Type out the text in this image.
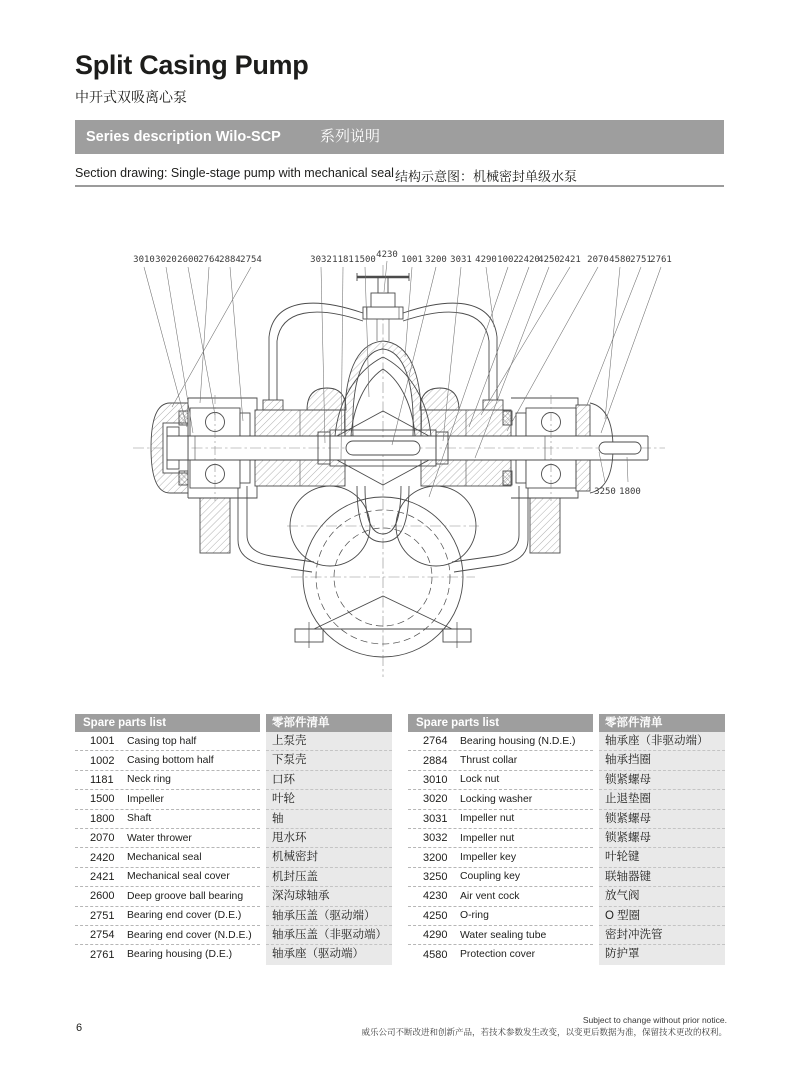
Split Casing Pump
中开式双吸离心泵
Series description Wilo-SCP	系列说明
Section drawing: Single-stage pump with mechanical seal 结构示意图：机械密封单级水泵
3010 3020 2600 2764 2884 2754	3032 1181 1500 4230 1001 3200 3031 4290 1002 2420
4250 2421 2070 4580 2751
2761
3250 1800
Spare parts list	零部件清单
1001	Casing top half	上泵壳
1002	Casing bottom half	下泵壳
1181	Neck ring	口环
1500	Impeller	叶轮
1800	Shaft	轴
2070	Water thrower	甩水环
2420	Mechanical seal	机械密封
2421	Mechanical seal cover	机封压盖
2600	Deep groove ball bearing	深沟球轴承
2751	Bearing end cover (D.E.)	轴承压盖（驱动端）
2754	Bearing end cover (N.D.E.)	轴承压盖（非驱动端）
2761	Bearing housing (D.E.)	轴承座（驱动端）
Spare parts list	零部件清单
2764	Bearing housing (N.D.E.)	轴承座（非驱动端）
2884	Thrust collar	轴承挡圈
3010	Lock nut	锁紧螺母
3020	Locking washer	止退垫圈
3031	Impeller nut	锁紧螺母
3032	Impeller nut	锁紧螺母
3200	Impeller key	叶轮键
3250	Coupling key	联轴器键
4230	Air vent cock	放气阀
4250	O-ring	O 型圈
4290	Water sealing tube	密封冲洗管
4580	Protection cover	防护罩
6
Subject to change without prior notice.
威乐公司不断改进和创新产品，若技术参数发生改变，以变更后数据为准，保留技术更改的权利。
